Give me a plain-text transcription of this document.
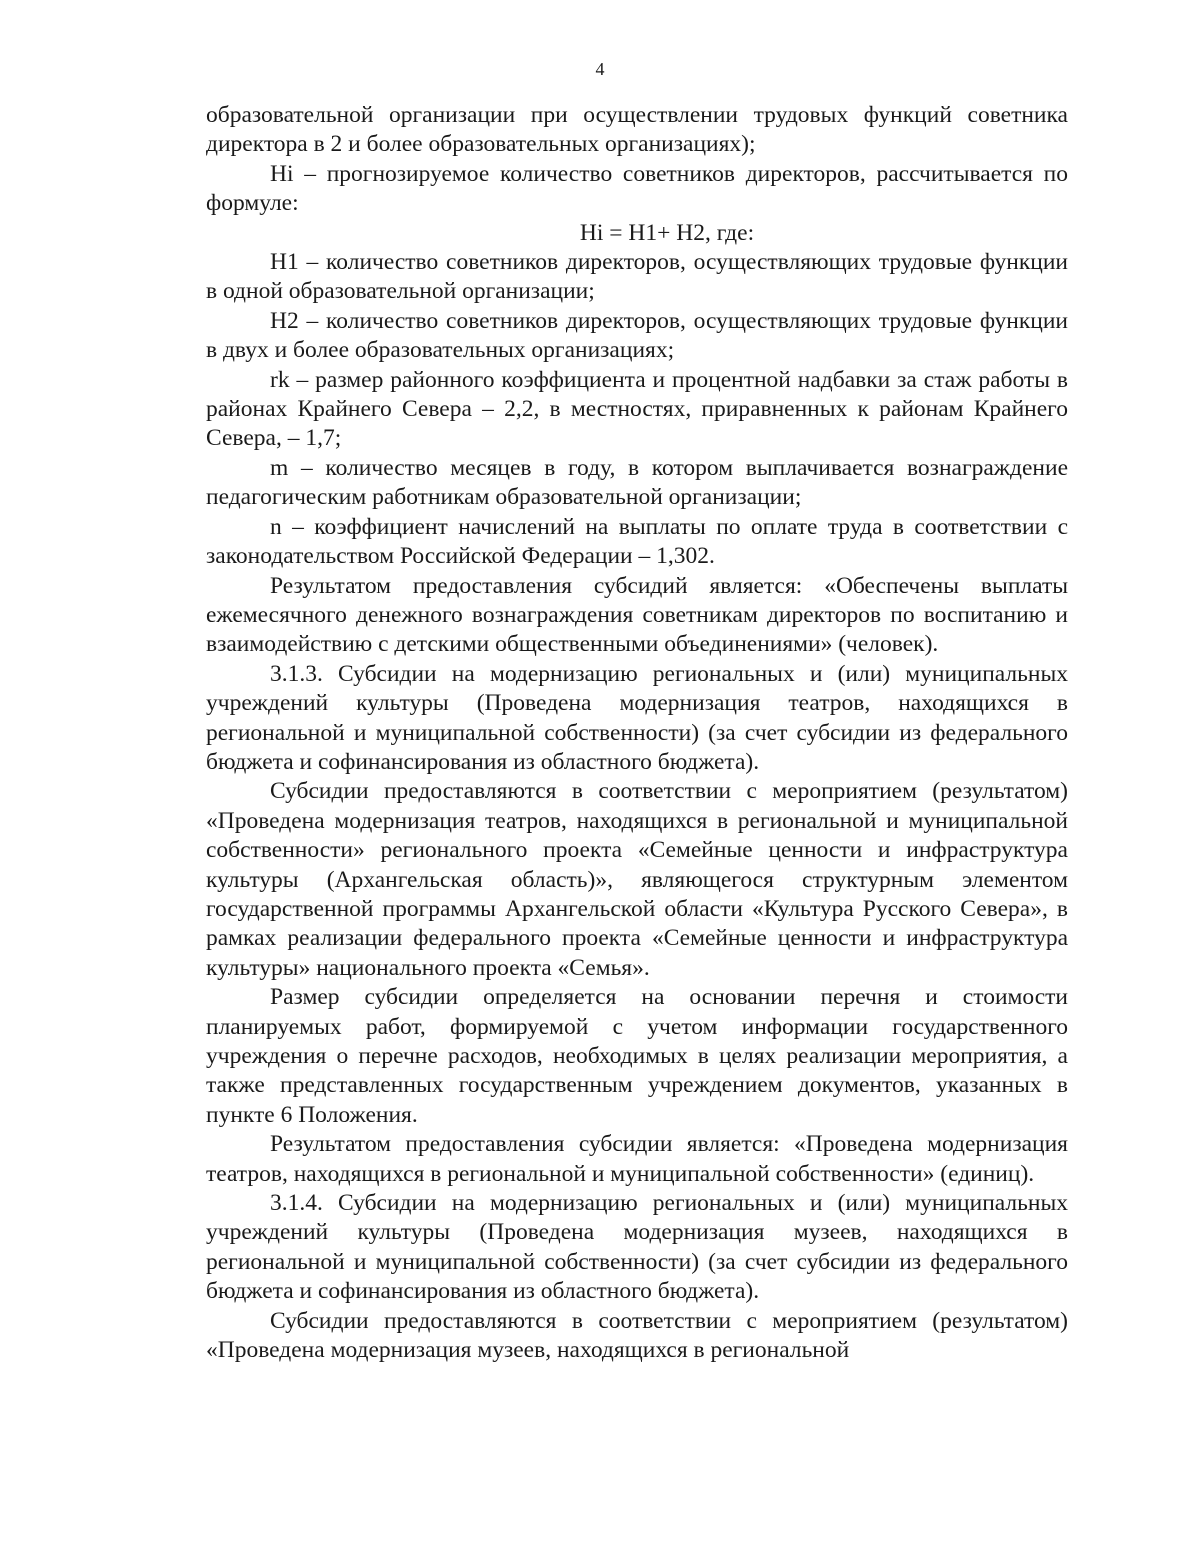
4

образовательной организации при осуществлении трудовых функций советника директора в 2 и более образовательных организациях);

Hi – прогнозируемое количество советников директоров, рассчитывается по формуле:

Hi = H1+ H2, где:

H1 – количество советников директоров, осуществляющих трудовые функции в одной образовательной организации;

H2 – количество советников директоров, осуществляющих трудовые функции в двух и более образовательных организациях;

rk – размер районного коэффициента и процентной надбавки за стаж работы в районах Крайнего Севера – 2,2, в местностях, приравненных к районам Крайнего Севера, – 1,7;

m – количество месяцев в году, в котором выплачивается вознаграждение педагогическим работникам образовательной организации;

n – коэффициент начислений на выплаты по оплате труда в соответствии с законодательством Российской Федерации – 1,302.

Результатом предоставления субсидий является: «Обеспечены выплаты ежемесячного денежного вознаграждения советникам директоров по воспитанию и взаимодействию с детскими общественными объединениями» (человек).

3.1.3. Субсидии на модернизацию региональных и (или) муниципальных учреждений культуры (Проведена модернизация театров, находящихся в региональной и муниципальной собственности) (за счет субсидии из федерального бюджета и софинансирования из областного бюджета).

Субсидии предоставляются в соответствии с мероприятием (результатом) «Проведена модернизация театров, находящихся в региональной и муниципальной собственности» регионального проекта «Семейные ценности и инфраструктура культуры (Архангельская область)», являющегося структурным элементом государственной программы Архангельской области «Культура Русского Севера», в рамках реализации федерального проекта «Семейные ценности и инфраструктура культуры» национального проекта «Семья».

Размер субсидии определяется на основании перечня и стоимости планируемых работ, формируемой с учетом информации государственного учреждения о перечне расходов, необходимых в целях реализации мероприятия, а также представленных государственным учреждением документов, указанных в пункте 6 Положения.

Результатом предоставления субсидии является: «Проведена модернизация театров, находящихся в региональной и муниципальной собственности» (единиц).

3.1.4. Субсидии на модернизацию региональных и (или) муниципальных учреждений культуры (Проведена модернизация музеев, находящихся в региональной и муниципальной собственности) (за счет субсидии из федерального бюджета и софинансирования из областного бюджета).

Субсидии предоставляются в соответствии с мероприятием (результатом) «Проведена модернизация музеев, находящихся в региональной
